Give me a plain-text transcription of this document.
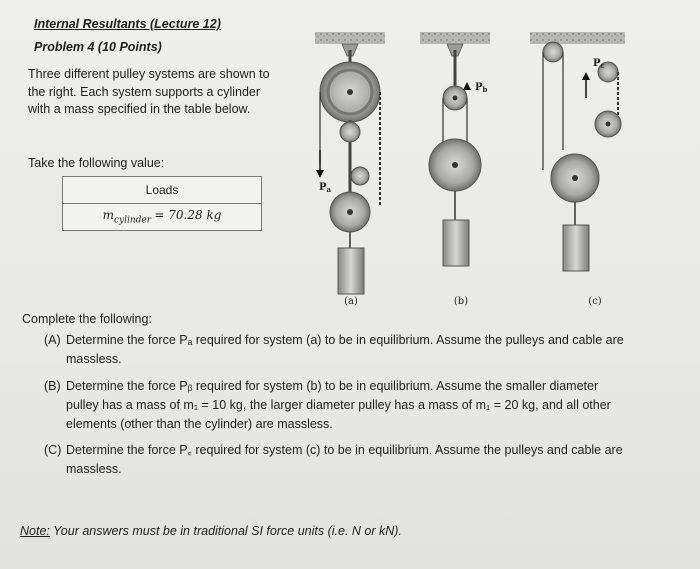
Internal Resultants (Lecture 12)
Problem 4 (10 Points)
Three different pulley systems are shown to
the right. Each system supports a cylinder
with a mass specified in the table below.
Take the following value:
Loads
$m_{cylinder} = 70.28$ kg
$P_a$
(a)
$P_b$
(b)
$P_c$
(c)
Complete the following:
(A) Determine the force Pₐ required for system (a) to be in equilibrium. Assume the pulleys and cable are
massless.
(B) Determine the force Pᵦ required for system (b) to be in equilibrium. Assume the smaller diameter
pulley has a mass of m₁ = 10 kg, the larger diameter pulley has a mass of m₁ = 20 kg, and all other
elements (other than the cylinder) are massless.
(C) Determine the force P꜀ required for system (c) to be in equilibrium. Assume the pulleys and cable are
massless.
Note: Your answers must be in traditional SI force units (i.e. N or kN).
